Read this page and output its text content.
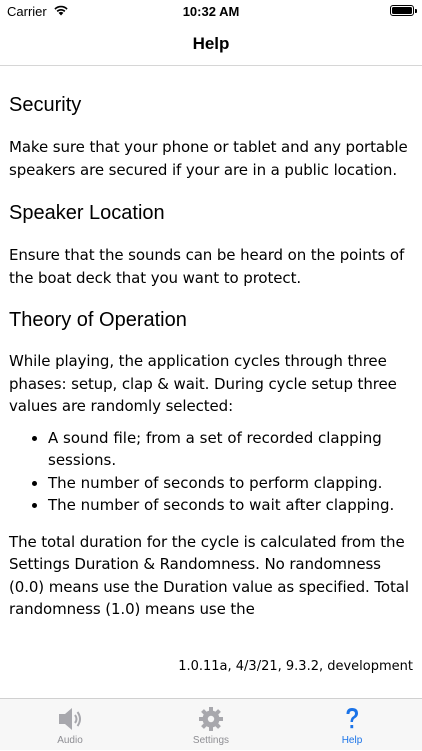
Carrier	10:32 AM
Help
Security

Make sure that your phone or tablet and any portable speakers are secured if your are in a public location.

Speaker Location

Ensure that the sounds can be heard on the points of the boat deck that you want to protect.

Theory of Operation

While playing, the application cycles through three phases: setup, clap & wait. During cycle setup three values are randomly selected:

• A sound file; from a set of recorded clapping sessions.
• The number of seconds to perform clapping.
• The number of seconds to wait after clapping.

The total duration for the cycle is calculated from the Settings Duration & Randomness. No randomness (0.0) means use the Duration value as specified. Total randomness (1.0) means use the

1.0.11a, 4/3/21, 9.3.2, development
Audio	Settings	Help
